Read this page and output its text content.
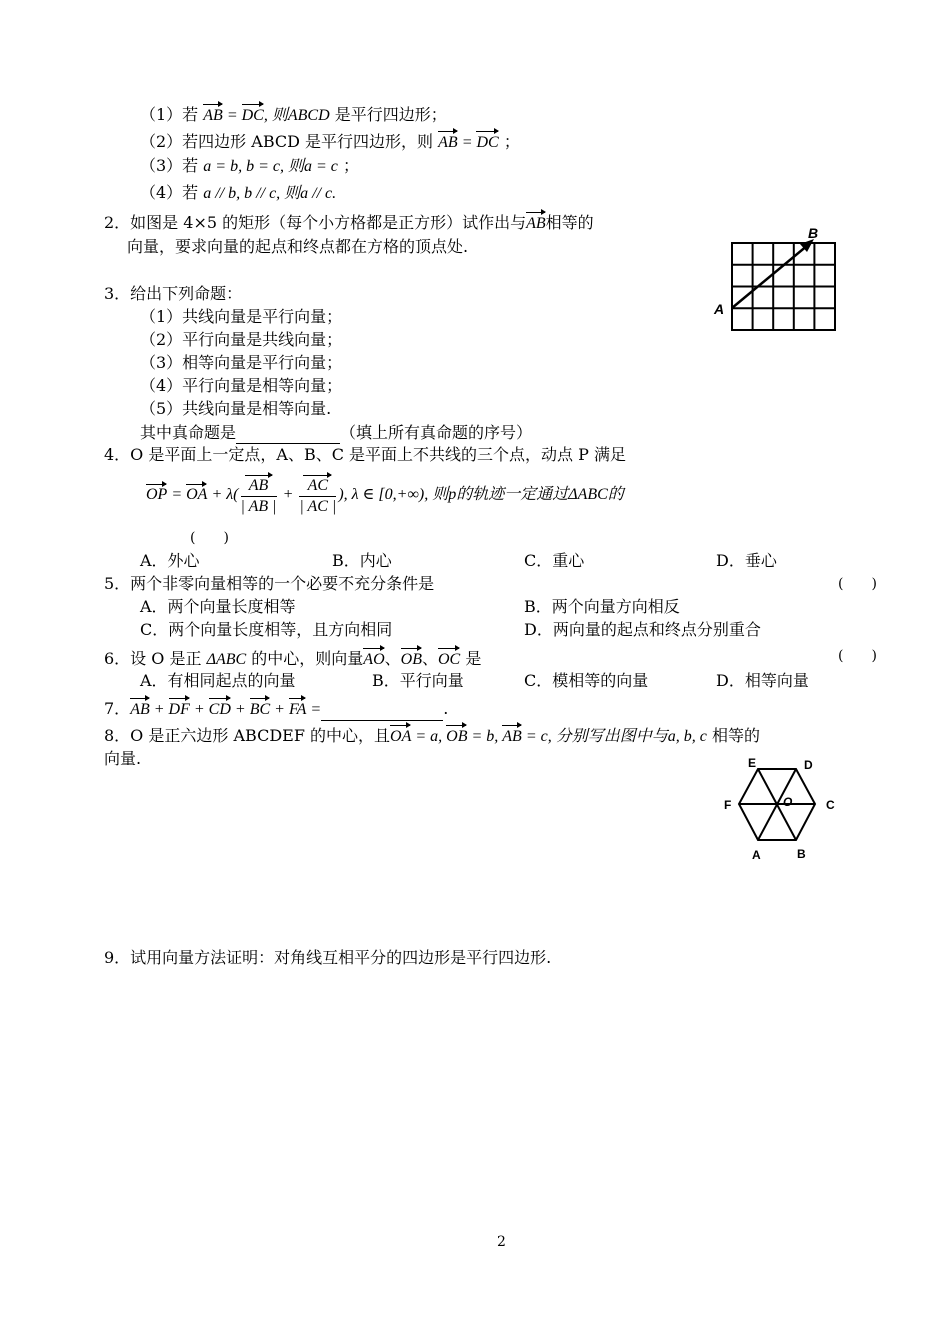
（1）若 AB = DC, 则ABCD 是平行四边形；
（2）若四边形 ABCD 是平行四边形，则 AB = DC ；
（3）若 a = b, b = c, 则a = c ；
（4）若 a // b, b // c, 则a // c.
2．如图是 4×5 的矩形（每个小方格都是正方形）试作出与AB相等的
向量，要求向量的起点和终点都在方格的顶点处.
A
B
3．给出下列命题：
（1）共线向量是平行向量；
（2）平行向量是共线向量；
（3）相等向量是平行向量；
（4）平行向量是相等向量；
（5）共线向量是相等向量.
其中真命题是	（填上所有真命题的序号）
4．O 是平面上一定点，A、B、C 是平面上不共线的三个点，动点 P 满足
OP = OA + $\lambda( \frac{AB}{| AB |} + \frac{AC}{| AC |}$ ), λ ∈ [0,+∞), 则p的轨迹一定通过ΔABC的
(　　)
A．外心	B．内心	C．重心	D．垂心
5．两个非零向量相等的一个必要不充分条件是	(　　)
A．两个向量长度相等	B．两个向量方向相反
C．两个向量长度相等，且方向相同	D．两向量的起点和终点分别重合
6．设 O 是正 ΔABC 的中心，则向量AO、OB、OC 是	(　　)
A．有相同起点的向量	B．平行向量	C．模相等的向量	D．相等向量
7．AB + DF + CD + BC + FA =	.
8．O 是正六边形 ABCDEF 的中心，且OA = a, OB = b, AB = c, 分别写出图中与a, b, c 相等的
向量.	E	D
F	O	C
A	B
9．试用向量方法证明：对角线互相平分的四边形是平行四边形.
2
